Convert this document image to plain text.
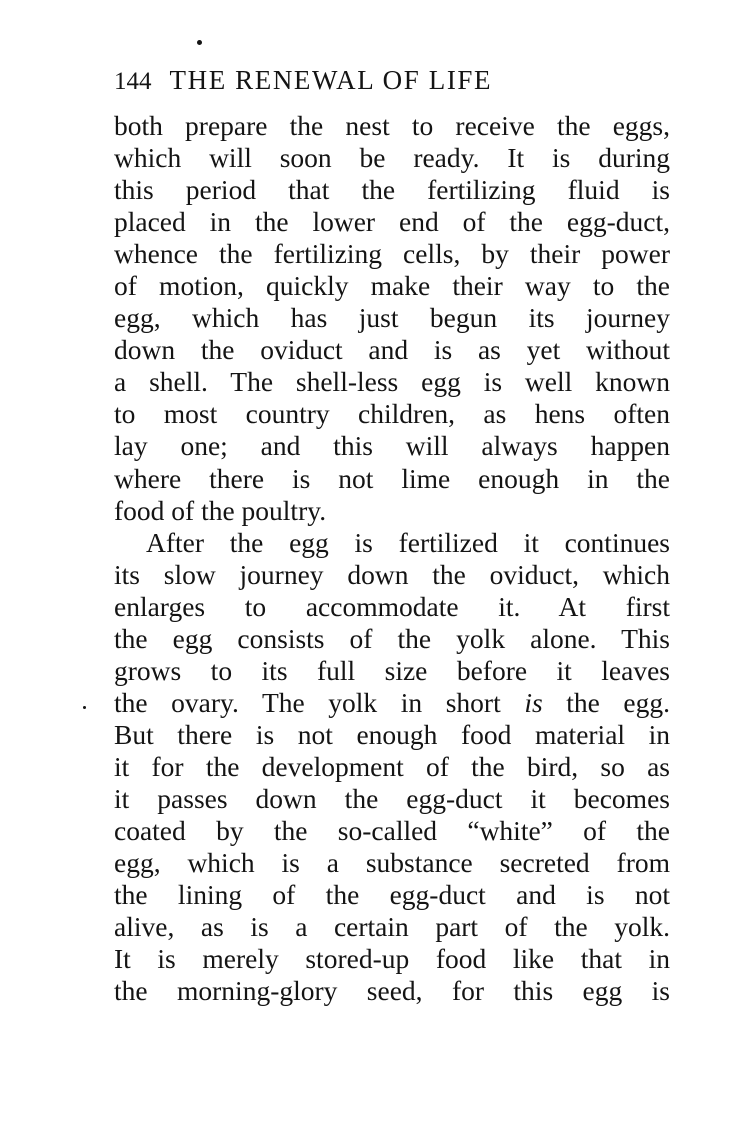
144 THE RENEWAL OF LIFE
both prepare the nest to receive the eggs,
which will soon be ready. It is during
this period that the fertilizing fluid is
placed in the lower end of the egg-duct,
whence the fertilizing cells, by their power
of motion, quickly make their way to the
egg, which has just begun its journey
down the oviduct and is as yet without
a shell. The shell-less egg is well known
to most country children, as hens often
lay one; and this will always happen
where there is not lime enough in the
food of the poultry.
After the egg is fertilized it continues
its slow journey down the oviduct, which
enlarges to accommodate it. At first
the egg consists of the yolk alone. This
grows to its full size before it leaves
the ovary. The yolk in short is the egg.
But there is not enough food material in
it for the development of the bird, so as
it passes down the egg-duct it becomes
coated by the so-called “white” of the
egg, which is a substance secreted from
the lining of the egg-duct and is not
alive, as is a certain part of the yolk.
It is merely stored-up food like that in
the morning-glory seed, for this egg is
